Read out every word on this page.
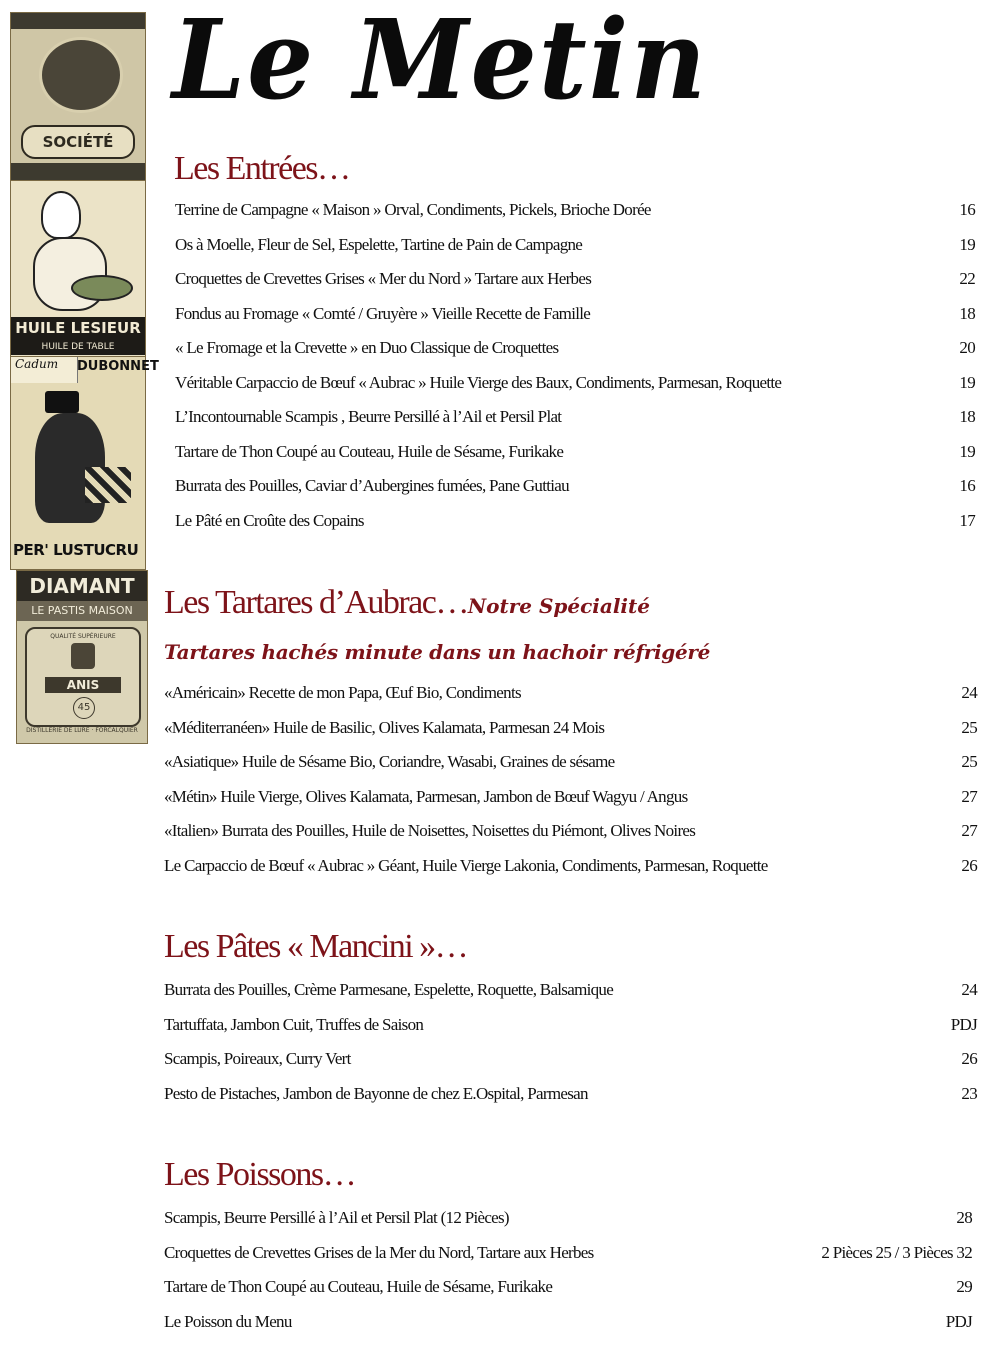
SOCIÉTÉ
HUILE LESIEUR
HUILE DE TABLE
Cadum	DUBONNET
PER' LUSTUCRU
DIAMANT
LE PASTIS MAISON
QUALITÉ SUPÉRIEURE
ANIS
45
DISTILLERIE DE LURE · FORCALQUIER
Le Metin
Les Entrées…
Terrine de Campagne « Maison » Orval, Condiments, Pickels, Brioche Dorée	16
Os à Moelle, Fleur de Sel, Espelette, Tartine de Pain de Campagne	19
Croquettes de Crevettes Grises « Mer du Nord » Tartare aux Herbes	22
Fondus au Fromage « Comté / Gruyère » Vieille Recette de Famille	18
« Le Fromage et la Crevette » en Duo Classique de Croquettes	20
Véritable Carpaccio de Bœuf « Aubrac » Huile Vierge des Baux, Condiments, Parmesan, Roquette	19
L’Incontournable Scampis , Beurre Persillé à l’Ail et Persil Plat	18
Tartare de Thon Coupé au Couteau, Huile de Sésame, Furikake	19
Burrata des Pouilles, Caviar d’Aubergines fumées, Pane Guttiau	16
Le Pâté en Croûte des Copains	17
Les Tartares d’Aubrac…Notre Spécialité
Tartares hachés minute dans un hachoir réfrigéré
«Américain» Recette de mon Papa, Œuf Bio, Condiments	24
«Méditerranéen» Huile de Basilic, Olives Kalamata, Parmesan 24 Mois	25
«Asiatique» Huile de Sésame Bio, Coriandre, Wasabi, Graines de sésame	25
«Métin» Huile Vierge, Olives Kalamata, Parmesan, Jambon de Bœuf Wagyu / Angus	27
«Italien» Burrata des Pouilles, Huile de Noisettes, Noisettes du Piémont, Olives Noires	27
Le Carpaccio de Bœuf « Aubrac » Géant, Huile Vierge Lakonia, Condiments, Parmesan, Roquette	26
Les Pâtes « Mancini »…
Burrata des Pouilles, Crème Parmesane, Espelette, Roquette, Balsamique	24
Tartuffata, Jambon Cuit, Truffes de Saison	PDJ
Scampis, Poireaux, Curry Vert	26
Pesto de Pistaches, Jambon de Bayonne de chez E.Ospital, Parmesan	23
Les Poissons…
Scampis, Beurre Persillé à l’Ail et Persil Plat (12 Pièces)	28
Croquettes de Crevettes Grises de la Mer du Nord, Tartare aux Herbes	2 Pièces 25 / 3 Pièces 32
Tartare de Thon Coupé au Couteau, Huile de Sésame, Furikake	29
Le Poisson du Menu	PDJ
